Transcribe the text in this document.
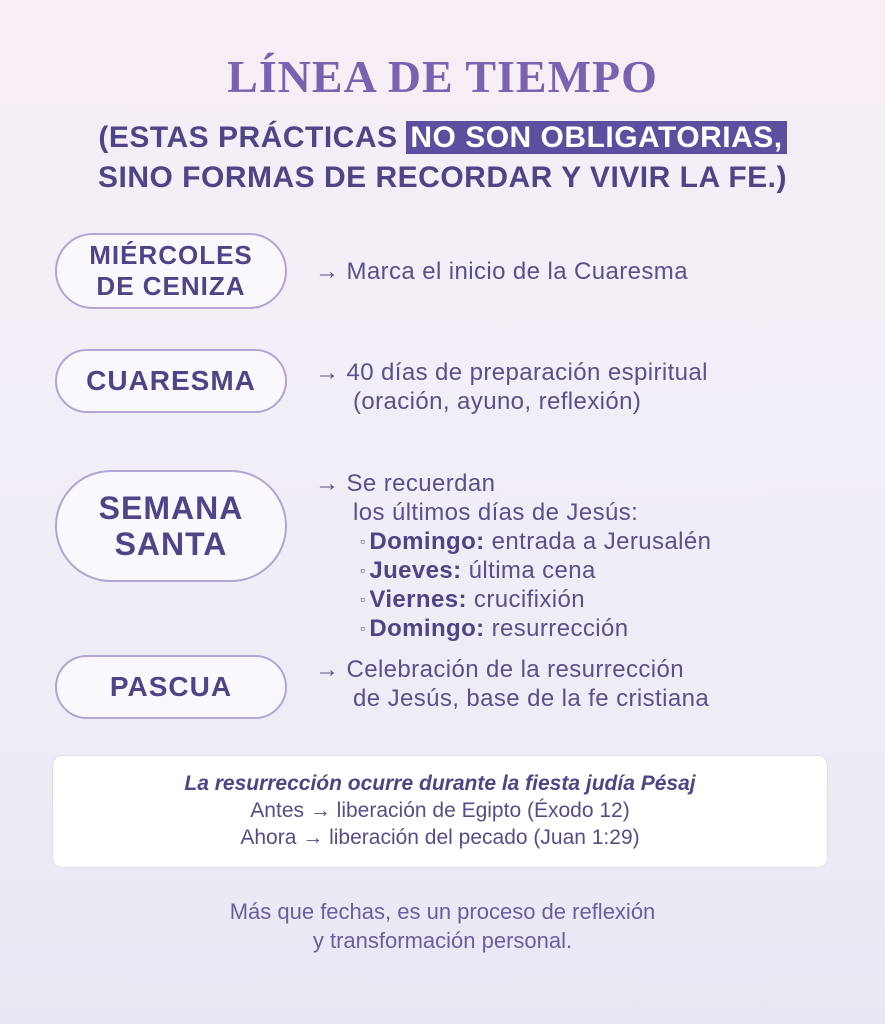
LÍNEA DE TIEMPO
(ESTAS PRÁCTICAS NO SON OBLIGATORIAS,
SINO FORMAS DE RECORDAR Y VIVIR LA FE.)
MIÉRCOLES
DE CENIZA	→ Marca el inicio de la Cuaresma
CUARESMA → 40 días de preparación espiritual
(oración, ayuno, reflexión)
SEMANA
SANTA
→ Se recuerdan
los últimos días de Jesús:
▫ Domingo: entrada a Jerusalén
▫ Jueves: última cena
▫ Viernes: crucifixión
▫ Domingo: resurrección
PASCUA
→ Celebración de la resurrección
de Jesús, base de la fe cristiana
La resurrección ocurre durante la fiesta judía Pésaj
Antes → liberación de Egipto (Éxodo 12)
Ahora → liberación del pecado (Juan 1:29)
Más que fechas, es un proceso de reflexión
y transformación personal.
